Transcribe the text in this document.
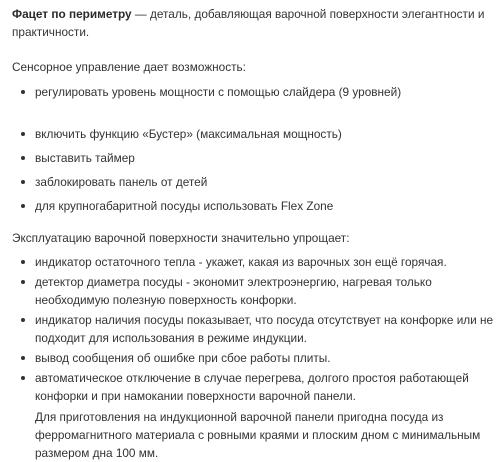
Фацет по периметру — деталь, добавляющая варочной поверхности элегантности и практичности.

Сенсорное управление дает возможность:

регулировать уровень мощности с помощью слайдера (9 уровней)
включить функцию «Бустер» (максимальная мощность)
выставить таймер
заблокировать панель от детей
для крупногабаритной посуды использовать Flex Zone

Эксплуатацию варочной поверхности значительно упрощает:

индикатор остаточного тепла - укажет, какая из варочных зон ещё горячая.
детектор диаметра посуды - экономит электроэнергию, нагревая только необходимую полезную поверхность конфорки.
индикатор наличия посуды показывает, что посуда отсутствует на конфорке или не подходит для использования в режиме индукции.
вывод сообщения об ошибке при сбое работы плиты.
автоматическое отключение в случае перегрева, долгого простоя работающей конфорки и при намокании поверхности варочной панели.

Для приготовления на индукционной варочной панели пригодна посуда из ферромагнитного материала с ровными краями и плоским дном с минимальным размером дна 100 мм.
